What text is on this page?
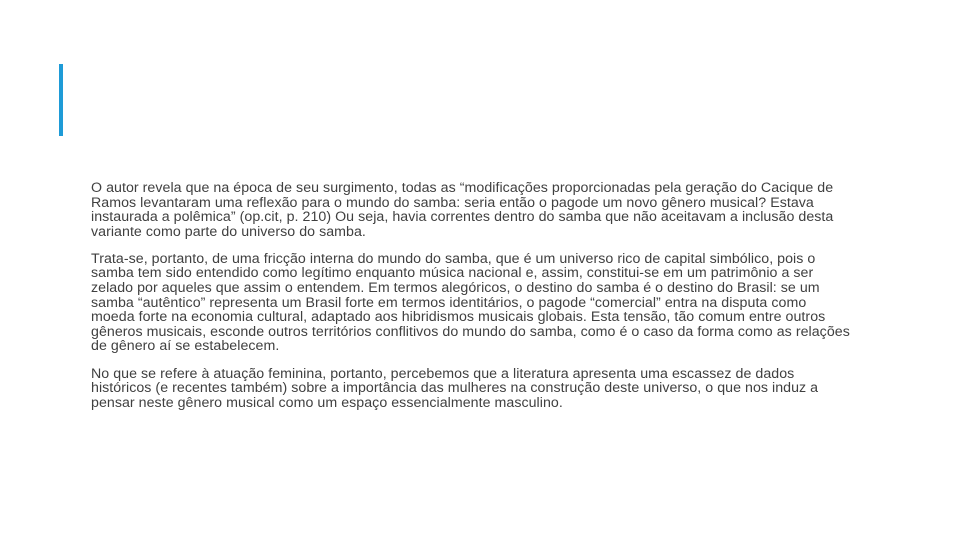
O autor revela que na época de seu surgimento, todas as “modificações proporcionadas pela geração do Cacique de Ramos levantaram uma reflexão para o mundo do samba: seria então o pagode um novo gênero musical? Estava instaurada a polêmica” (op.cit, p. 210) Ou seja, havia correntes dentro do samba que não aceitavam a inclusão desta variante como parte do universo do samba.

Trata-se, portanto, de uma fricção interna do mundo do samba, que é um universo rico de capital simbólico, pois o samba tem sido entendido como legítimo enquanto música nacional e, assim, constitui-se em um patrimônio a ser zelado por aqueles que assim o entendem. Em termos alegóricos, o destino do samba é o destino do Brasil: se um samba “autêntico” representa um Brasil forte em termos identitários, o pagode “comercial” entra na disputa como moeda forte na economia cultural, adaptado aos hibridismos musicais globais. Esta tensão, tão comum entre outros gêneros musicais, esconde outros territórios conflitivos do mundo do samba, como é o caso da forma como as relações de gênero aí se estabelecem.

No que se refere à atuação feminina, portanto, percebemos que a literatura apresenta uma escassez de dados históricos (e recentes também) sobre a importância das mulheres na construção deste universo, o que nos induz a pensar neste gênero musical como um espaço essencialmente masculino.
